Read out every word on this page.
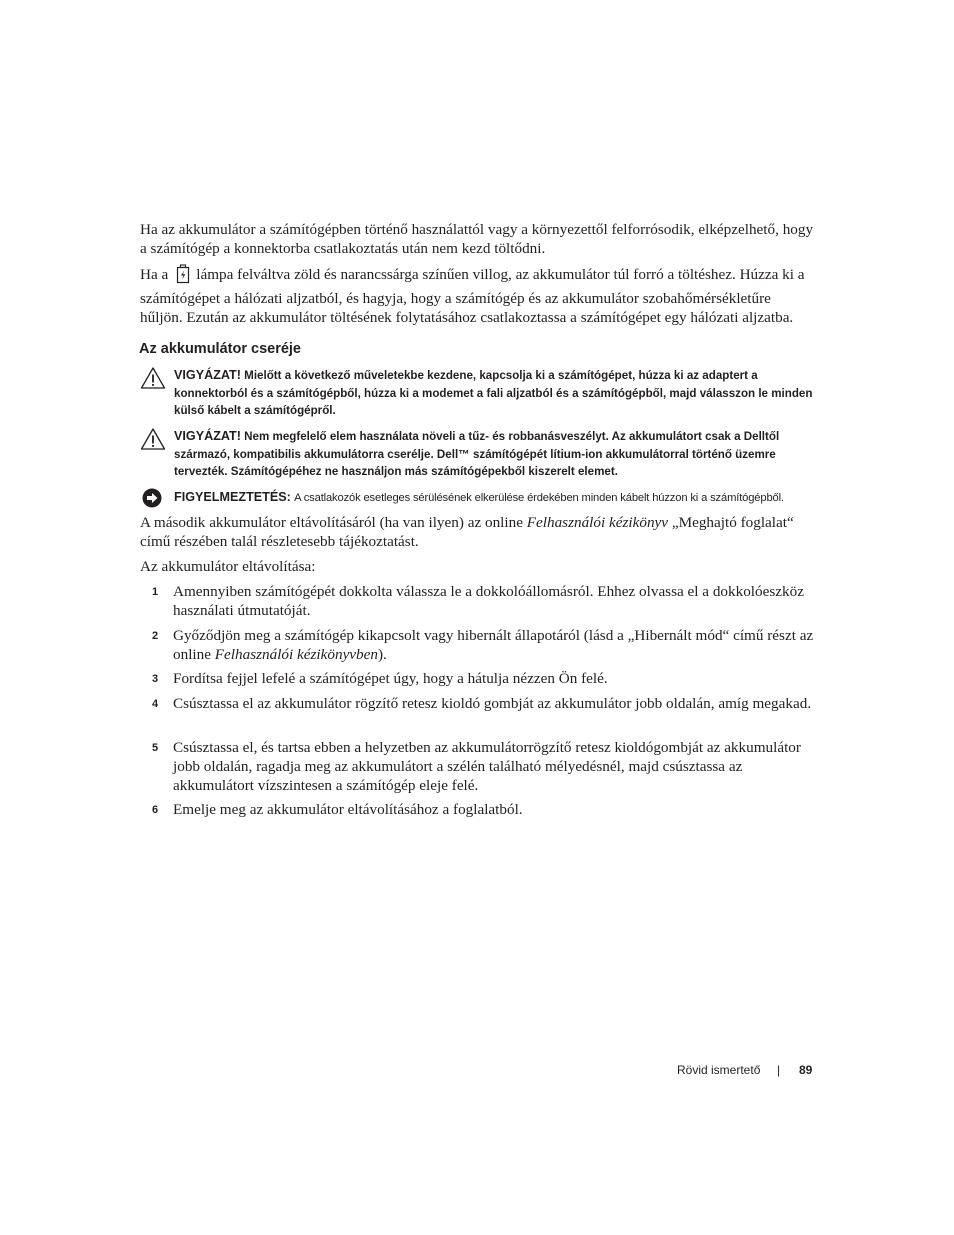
Ha az akkumulátor a számítógépben történő használattól vagy a környezettől felforrósodik, elképzelhető, hogy a számítógép a konnektorba csatlakoztatás után nem kezd töltődni.

Ha a lámpa felváltva zöld és narancssárga színűen villog, az akkumulátor túl forró a töltéshez. Húzza ki a számítógépet a hálózati aljzatból, és hagyja, hogy a számítógép és az akkumulátor szobahőmérsékletűre hűljön. Ezután az akkumulátor töltésének folytatásához csatlakoztassa a számítógépet egy hálózati aljzatba.

Az akkumulátor cseréje
VIGYÁZAT! Mielőtt a következő műveletekbe kezdene, kapcsolja ki a számítógépet, húzza ki az adaptert a konnektorból és a számítógépből, húzza ki a modemet a fali aljzatból és a számítógépből, majd válasszon le minden külső kábelt a számítógépről.
VIGYÁZAT! Nem megfelelő elem használata növeli a tűz- és robbanásveszélyt. Az akkumulátort csak a Delltől származó, kompatibilis akkumulátorra cserélje. Dell™ számítógépét lítium-ion akkumulátorral történő üzemre tervezték. Számítógépéhez ne használjon más számítógépekből kiszerelt elemet.
FIGYELMEZTETÉS: A csatlakozók esetleges sérülésének elkerülése érdekében minden kábelt húzzon ki a számítógépből.

A második akkumulátor eltávolításáról (ha van ilyen) az online Felhasználói kézikönyv „Meghajtó foglalat“ című részében talál részletesebb tájékoztatást.

Az akkumulátor eltávolítása:

1 Amennyiben számítógépét dokkolta válassza le a dokkolóállomásról. Ehhez olvassa el a dokkolóeszköz használati útmutatóját.
2 Győződjön meg a számítógép kikapcsolt vagy hibernált állapotáról (lásd a „Hibernált mód“ című részt az online Felhasználói kézikönyvben).
3 Fordítsa fejjel lefelé a számítógépet úgy, hogy a hátulja nézzen Ön felé.
4 Csúsztassa el az akkumulátor rögzítő retesz kioldó gombját az akkumulátor jobb oldalán, amíg megakad.
5 Csúsztassa el, és tartsa ebben a helyzetben az akkumulátorrögzítő retesz kioldógombját az akkumulátor jobb oldalán, ragadja meg az akkumulátort a szélén található mélyedésnél, majd csúsztassa az akkumulátort vízszintesen a számítógép eleje felé.
6 Emelje meg az akkumulátor eltávolításához a foglalatból.
Rövid ismertető | 89
